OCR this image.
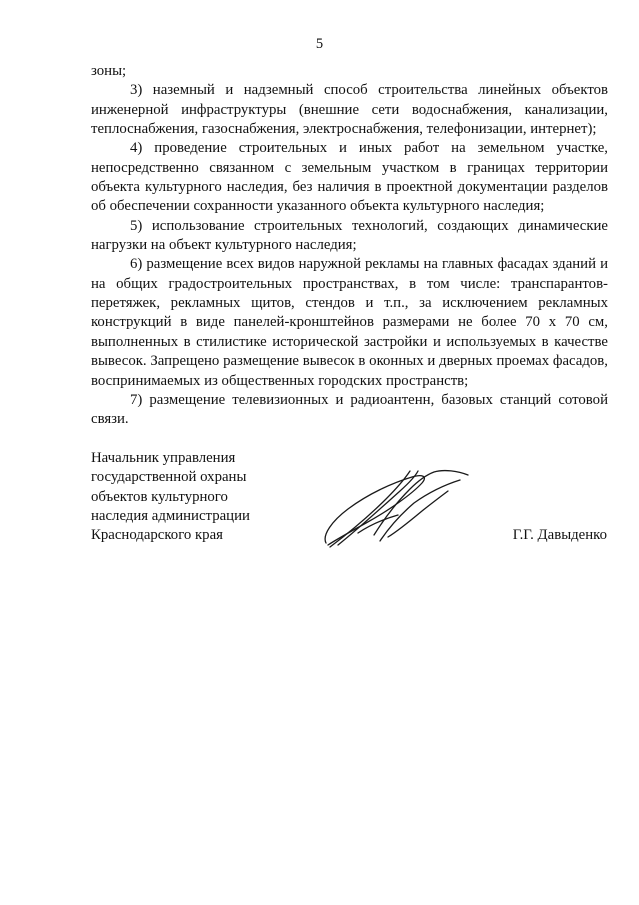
5

зоны;

3) наземный и надземный способ строительства линейных объектов инженерной инфраструктуры (внешние сети водоснабжения, канализации, теплоснабжения, газоснабжения, электроснабжения, телефонизации, интернет);

4) проведение строительных и иных работ на земельном участке, непосредственно связанном с земельным участком в границах территории объекта культурного наследия, без наличия в проектной документации разделов об обеспечении сохранности указанного объекта культурного наследия;

5) использование строительных технологий, создающих динамические нагрузки на объект культурного наследия;

6) размещение всех видов наружной рекламы на главных фасадах зданий и на общих градостроительных пространствах, в том числе: транспарантов-перетяжек, рекламных щитов, стендов и т.п., за исключением рекламных конструкций в виде панелей-кронштейнов размерами не более 70 х 70 см, выполненных в стилистике исторической застройки и используемых в качестве вывесок. Запрещено размещение вывесок в оконных и дверных проемах фасадов, воспринимаемых из общественных городских пространств;

7) размещение телевизионных и радиоантенн, базовых станций сотовой связи.

Начальник управления
государственной охраны
объектов культурного
наследия администрации
Краснодарского края	Г.Г. Давыденко
